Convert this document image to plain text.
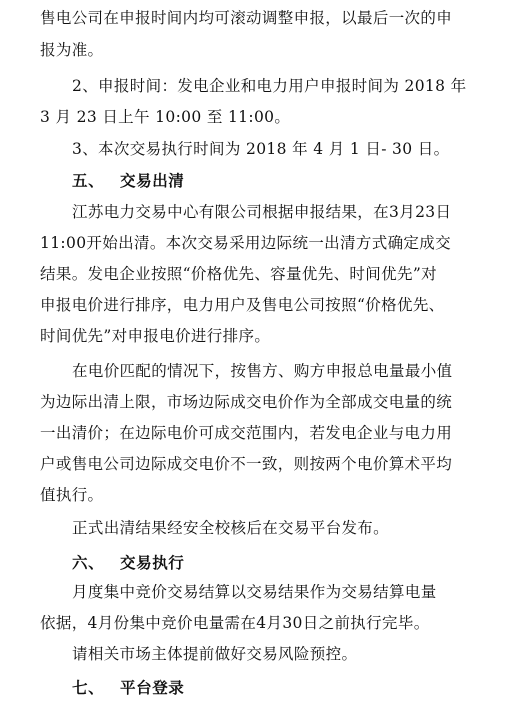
售电公司在申报时间内均可滚动调整申报，以最后一次的申
报为准。
2、申报时间：发电企业和电力用户申报时间为 2018 年
3 月 23 日上午 10:00 至 11:00。
3、本次交易执行时间为 2018 年 4 月 1 日- 30 日。
五、 交易出清
江苏电力交易中心有限公司根据申报结果，在3月23日
11:00开始出清。本次交易采用边际统一出清方式确定成交
结果。发电企业按照“价格优先、容量优先、时间优先”对
申报电价进行排序，电力用户及售电公司按照“价格优先、
时间优先”对申报电价进行排序。
在电价匹配的情况下，按售方、购方申报总电量最小值
为边际出清上限，市场边际成交电价作为全部成交电量的统
一出清价；在边际电价可成交范围内，若发电企业与电力用
户或售电公司边际成交电价不一致，则按两个电价算术平均
值执行。
正式出清结果经安全校核后在交易平台发布。
六、 交易执行
月度集中竞价交易结算以交易结果作为交易结算电量
依据，4月份集中竞价电量需在4月30日之前执行完毕。
请相关市场主体提前做好交易风险预控。
七、 平台登录
